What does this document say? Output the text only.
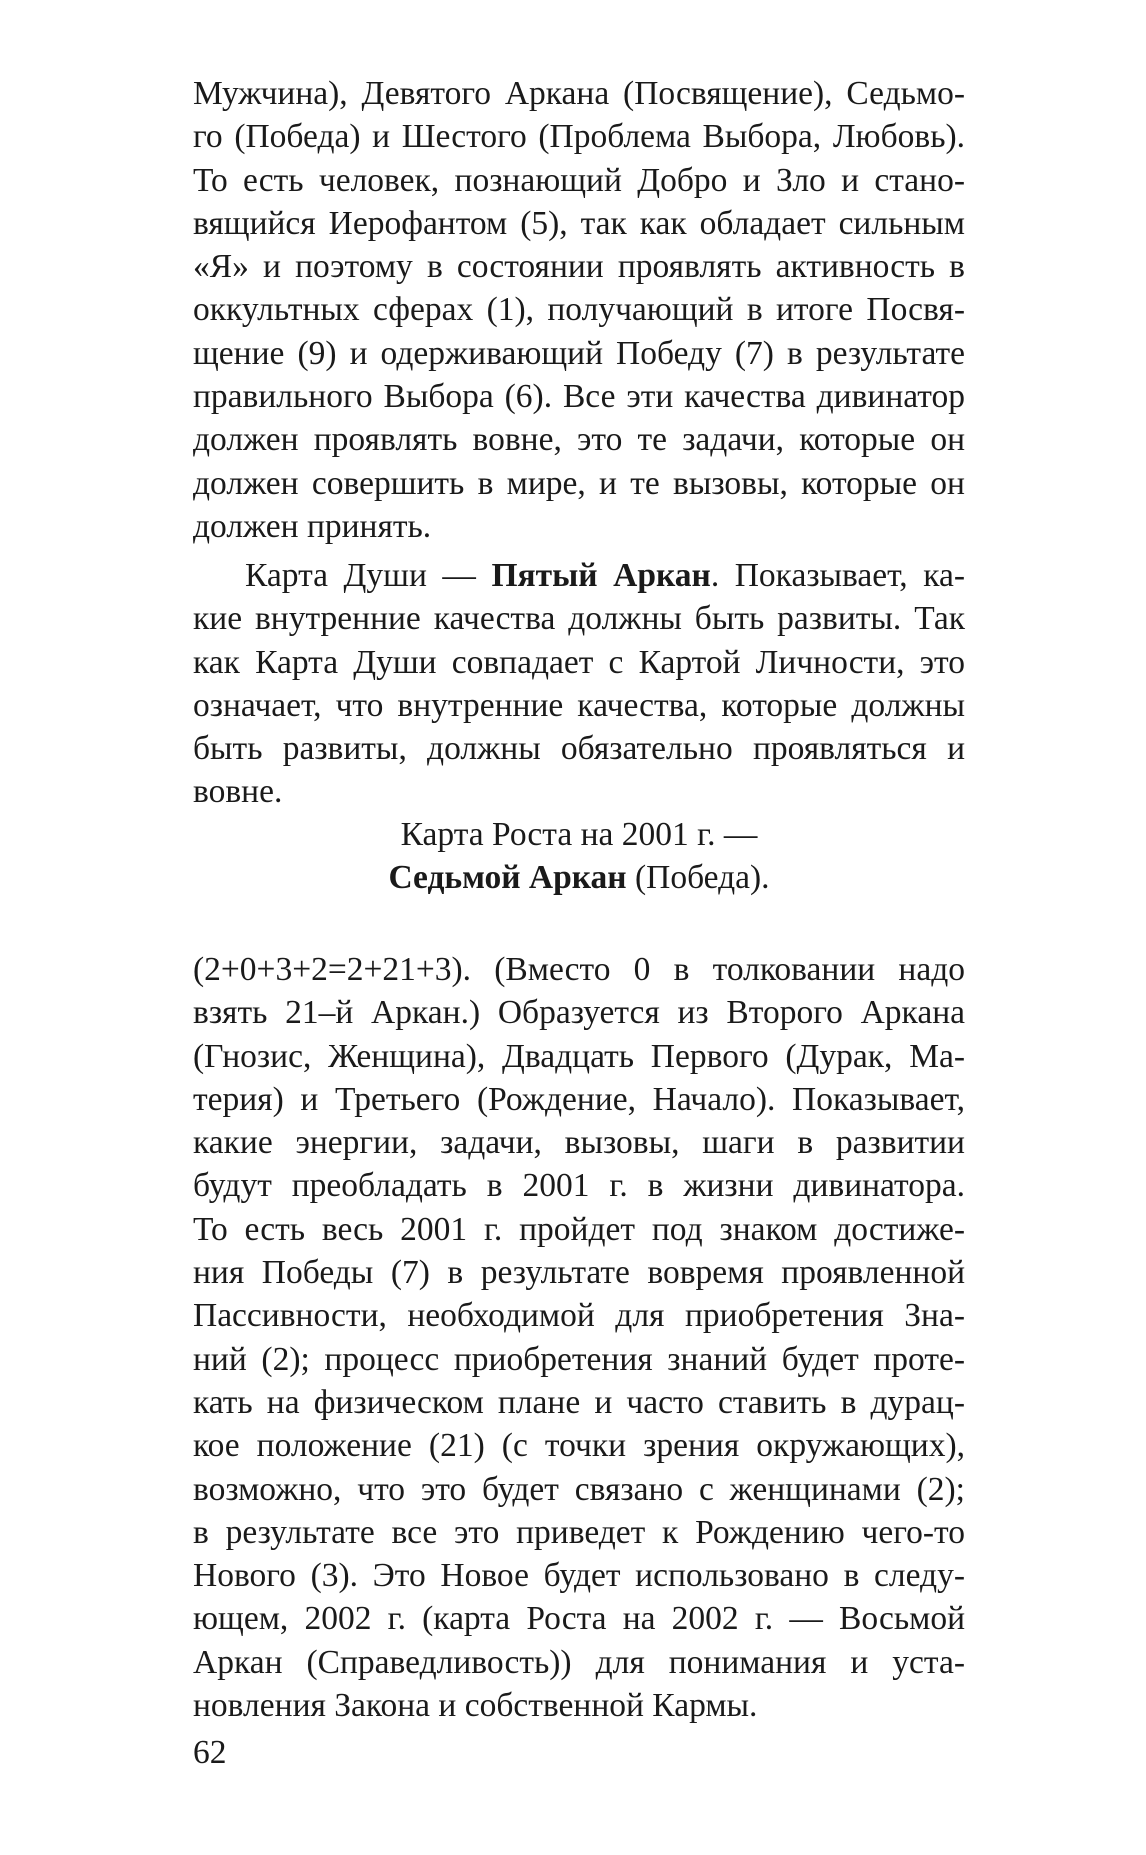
Мужчина), Девятого Аркана (Посвящение), Седьмо-
го (Победа) и Шестого (Проблема Выбора, Любовь).
То есть человек, познающий Добро и Зло и стано-
вящийся Иерофантом (5), так как обладает сильным
«Я» и поэтому в состоянии проявлять активность в
оккультных сферах (1), получающий в итоге Посвя-
щение (9) и одерживающий Победу (7) в результате
правильного Выбора (6). Все эти качества дивинатор
должен проявлять вовне, это те задачи, которые он
должен совершить в мире, и те вызовы, которые он
должен принять.
Карта Души — Пятый Аркан. Показывает, ка-
кие внутренние качества должны быть развиты. Так
как Карта Души совпадает с Картой Личности, это
означает, что внутренние качества, которые должны
быть развиты, должны обязательно проявляться и
вовне.
Карта Роста на 2001 г. —
Седьмой Аркан (Победа).
(2+0+3+2=2+21+3). (Вместо 0 в толковании надо
взять 21–й Аркан.) Образуется из Второго Аркана
(Гнозис, Женщина), Двадцать Первого (Дурак, Ма-
терия) и Третьего (Рождение, Начало). Показывает,
какие энергии, задачи, вызовы, шаги в развитии
будут преобладать в 2001 г. в жизни дивинатора.
То есть весь 2001 г. пройдет под знаком достиже-
ния Победы (7) в результате вовремя проявленной
Пассивности, необходимой для приобретения Зна-
ний (2); процесс приобретения знаний будет проте-
кать на физическом плане и часто ставить в дурац-
кое положение (21) (с точки зрения окружающих),
возможно, что это будет связано с женщинами (2);
в результате все это приведет к Рождению чего-то
Нового (3). Это Новое будет использовано в следу-
ющем, 2002 г. (карта Роста на 2002 г. — Восьмой
Аркан (Справедливость)) для понимания и уста-
новления Закона и собственной Кармы.
62
